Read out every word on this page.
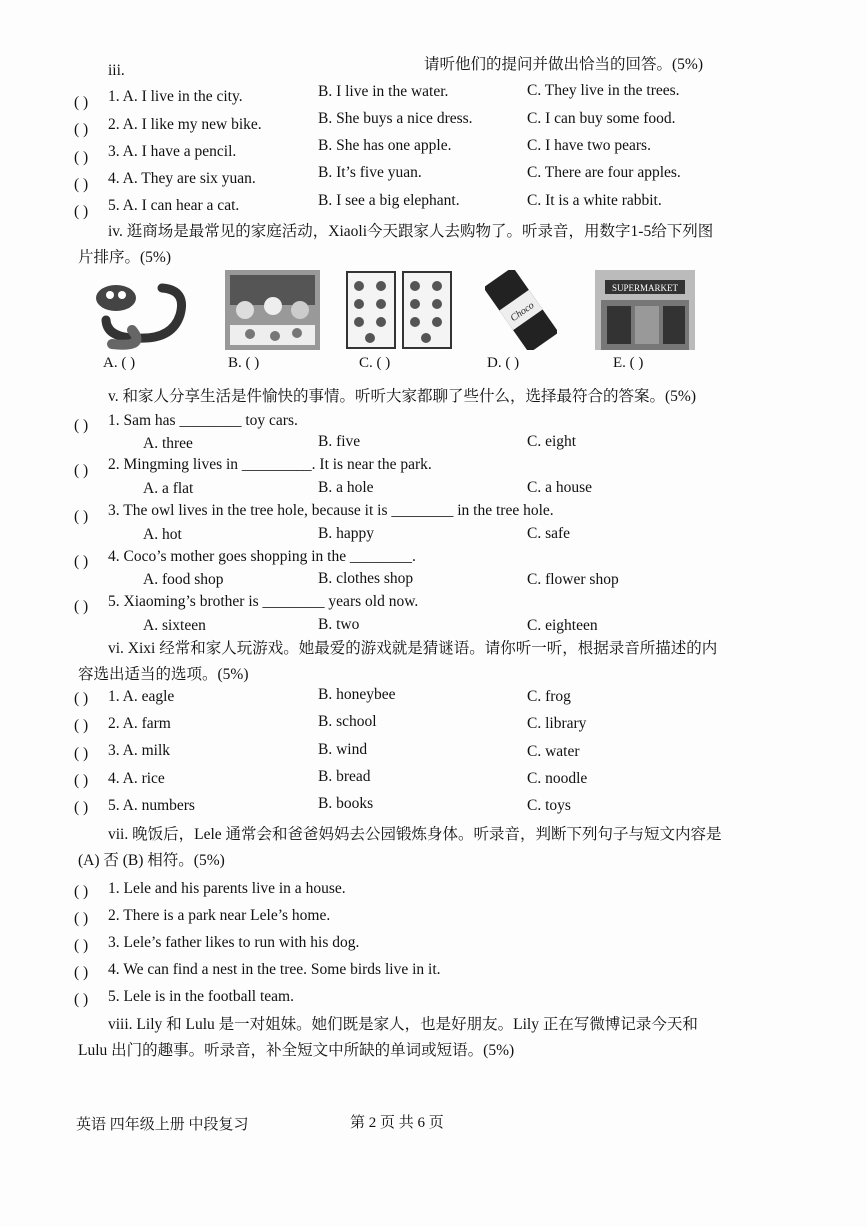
iii.	请听他们的提问并做出恰当的回答。(5%)
( ) 1. A. I live in the city.	B. I live in the water.	C. They live in the trees.
( ) 2. A. I like my new bike.	B. She buys a nice dress.	C. I can buy some food.
( ) 3. A. I have a pencil.	B. She has one apple.	C. I have two pears.
( ) 4. A. They are six yuan.	B. It’s five yuan.	C. There are four apples.
( ) 5. A. I can hear a cat.	B. I see a big elephant.	C. It is a white rabbit.
iv. 逛商场是最常见的家庭活动，Xiaoli今天跟家人去购物了。听录音，用数字1-5给下列图片排序。(5%)
Choco
SUPERMARKET
A. ( )	B. ( )	C. ( )	D. ( )	E. ( )
v. 和家人分享生活是件愉快的事情。听听大家都聊了些什么，选择最符合的答案。(5%)
( ) 1. Sam has ________ toy cars.
A. three	B. five	C. eight
( ) 2. Mingming lives in _________. It is near the park.
A. a flat	B. a hole	C. a house
( ) 3. The owl lives in the tree hole, because it is ________ in the tree hole.
A. hot	B. happy	C. safe
( ) 4. Coco’s mother goes shopping in the ________.
A. food shop	B. clothes shop	C. flower shop
( ) 5. Xiaoming’s brother is ________ years old now.
A. sixteen	B. two	C. eighteen
vi. Xixi 经常和家人玩游戏。她最爱的游戏就是猜谜语。请你听一听，根据录音所描述的内容选出适当的选项。(5%)
( ) 1. A. eagle	B. honeybee	C. frog
( ) 2. A. farm	B. school	C. library
( ) 3. A. milk	B. wind	C. water
( ) 4. A. rice	B. bread	C. noodle
( ) 5. A. numbers	B. books	C. toys
vii. 晚饭后，Lele 通常会和爸爸妈妈去公园锻炼身体。听录音，判断下列句子与短文内容是(A) 否 (B) 相符。(5%)
( ) 1. Lele and his parents live in a house.
( ) 2. There is a park near Lele’s home.
( ) 3. Lele’s father likes to run with his dog.
( ) 4. We can find a nest in the tree. Some birds live in it.
( ) 5. Lele is in the football team.
viii. Lily 和 Lulu 是一对姐妹。她们既是家人，也是好朋友。Lily 正在写微博记录今天和 Lulu 出门的趣事。听录音，补全短文中所缺的单词或短语。(5%)
英语 四年级上册 中段复习	第 2 页 共 6 页
